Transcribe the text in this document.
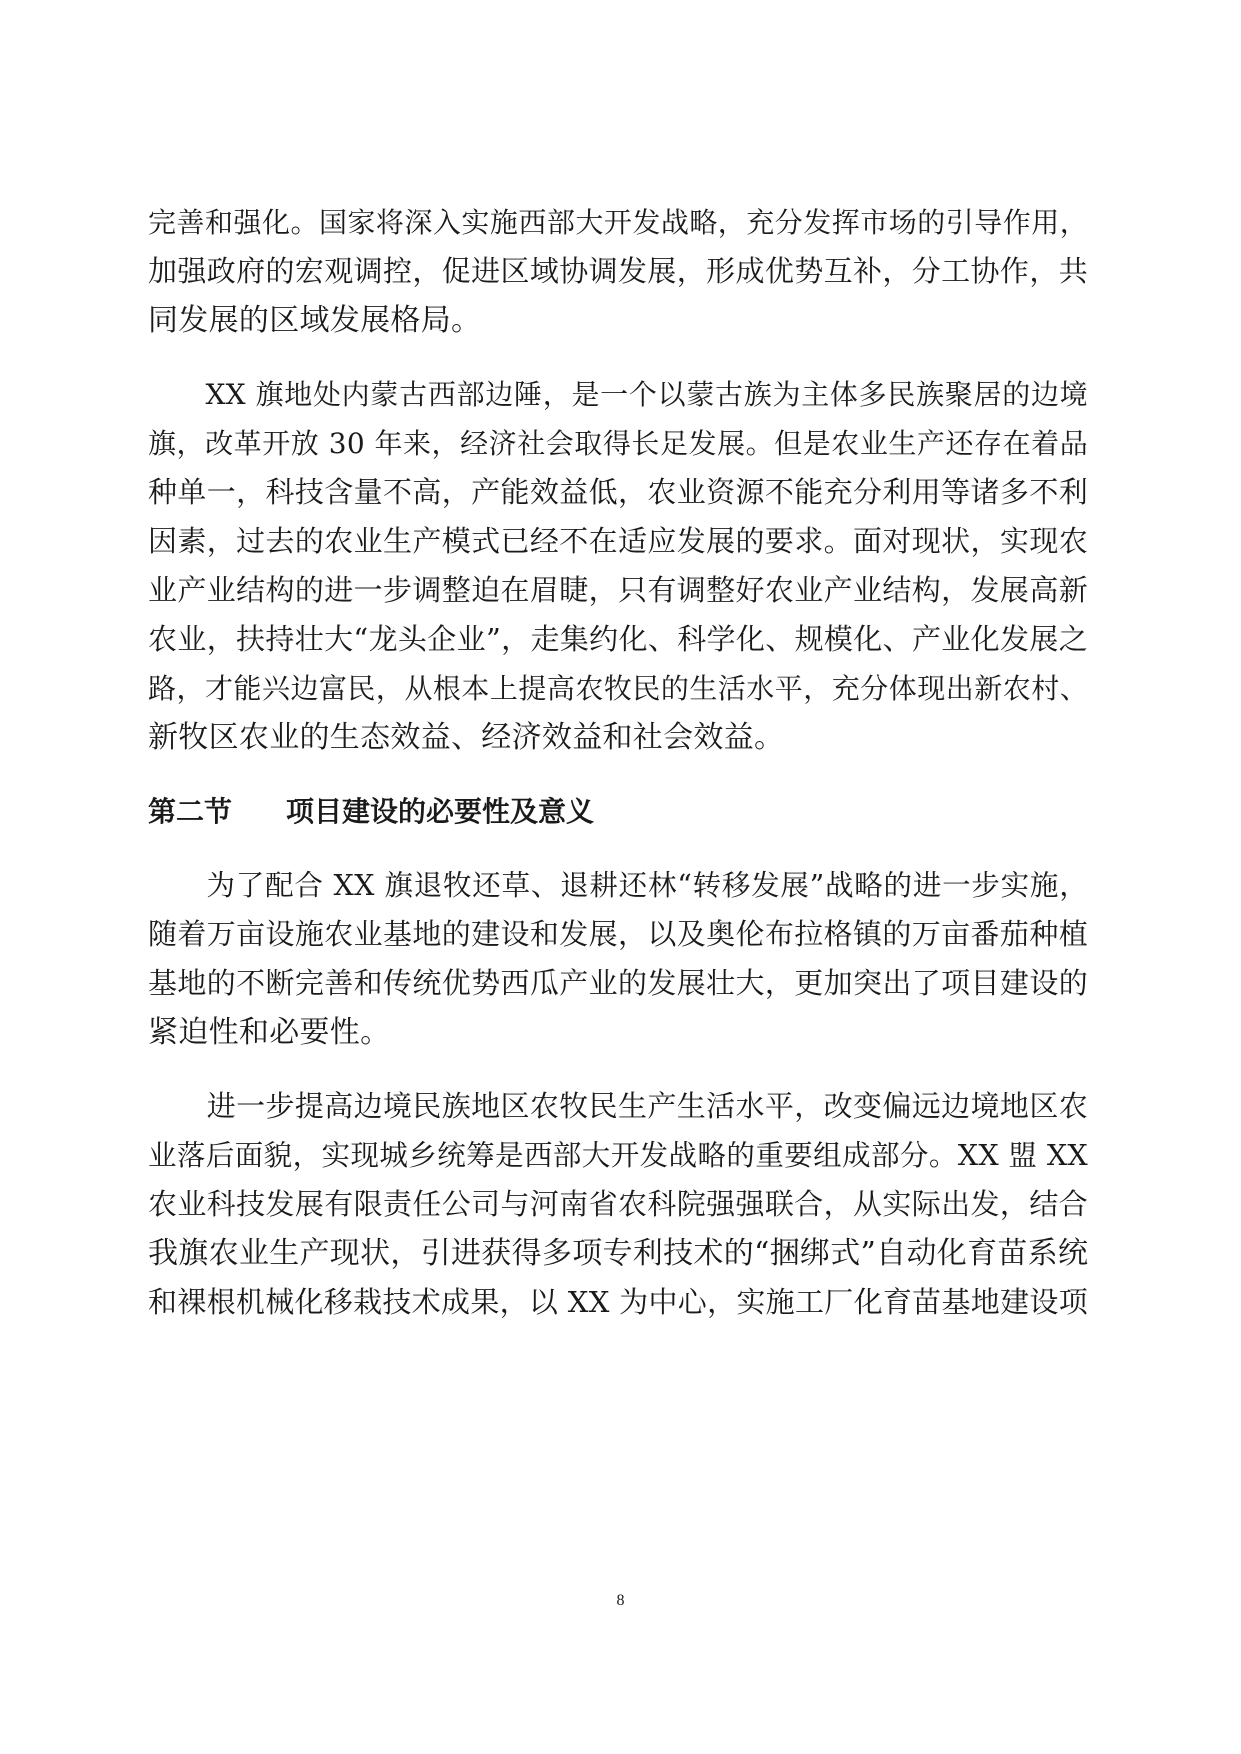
完善和强化。国家将深入实施西部大开发战略，充分发挥市场的引导作用，
加强政府的宏观调控，促进区域协调发展，形成优势互补，分工协作，共
同发展的区域发展格局。
　　XX 旗地处内蒙古西部边陲，是一个以蒙古族为主体多民族聚居的边境
旗，改革开放 30 年来，经济社会取得长足发展。但是农业生产还存在着品
种单一，科技含量不高，产能效益低，农业资源不能充分利用等诸多不利
因素，过去的农业生产模式已经不在适应发展的要求。面对现状，实现农
业产业结构的进一步调整迫在眉睫，只有调整好农业产业结构，发展高新
农业，扶持壮大“龙头企业”，走集约化、科学化、规模化、产业化发展之
路，才能兴边富民，从根本上提高农牧民的生活水平，充分体现出新农村、
新牧区农业的生态效益、经济效益和社会效益。
第二节 项目建设的必要性及意义
　　为了配合 XX 旗退牧还草、退耕还林“转移发展”战略的进一步实施，
随着万亩设施农业基地的建设和发展，以及奥伦布拉格镇的万亩番茄种植
基地的不断完善和传统优势西瓜产业的发展壮大，更加突出了项目建设的
紧迫性和必要性。
　　进一步提高边境民族地区农牧民生产生活水平，改变偏远边境地区农
业落后面貌，实现城乡统筹是西部大开发战略的重要组成部分。XX 盟 XX
农业科技发展有限责任公司与河南省农科院强强联合，从实际出发，结合
我旗农业生产现状，引进获得多项专利技术的“捆绑式”自动化育苗系统
和裸根机械化移栽技术成果，以 XX 为中心，实施工厂化育苗基地建设项
8
